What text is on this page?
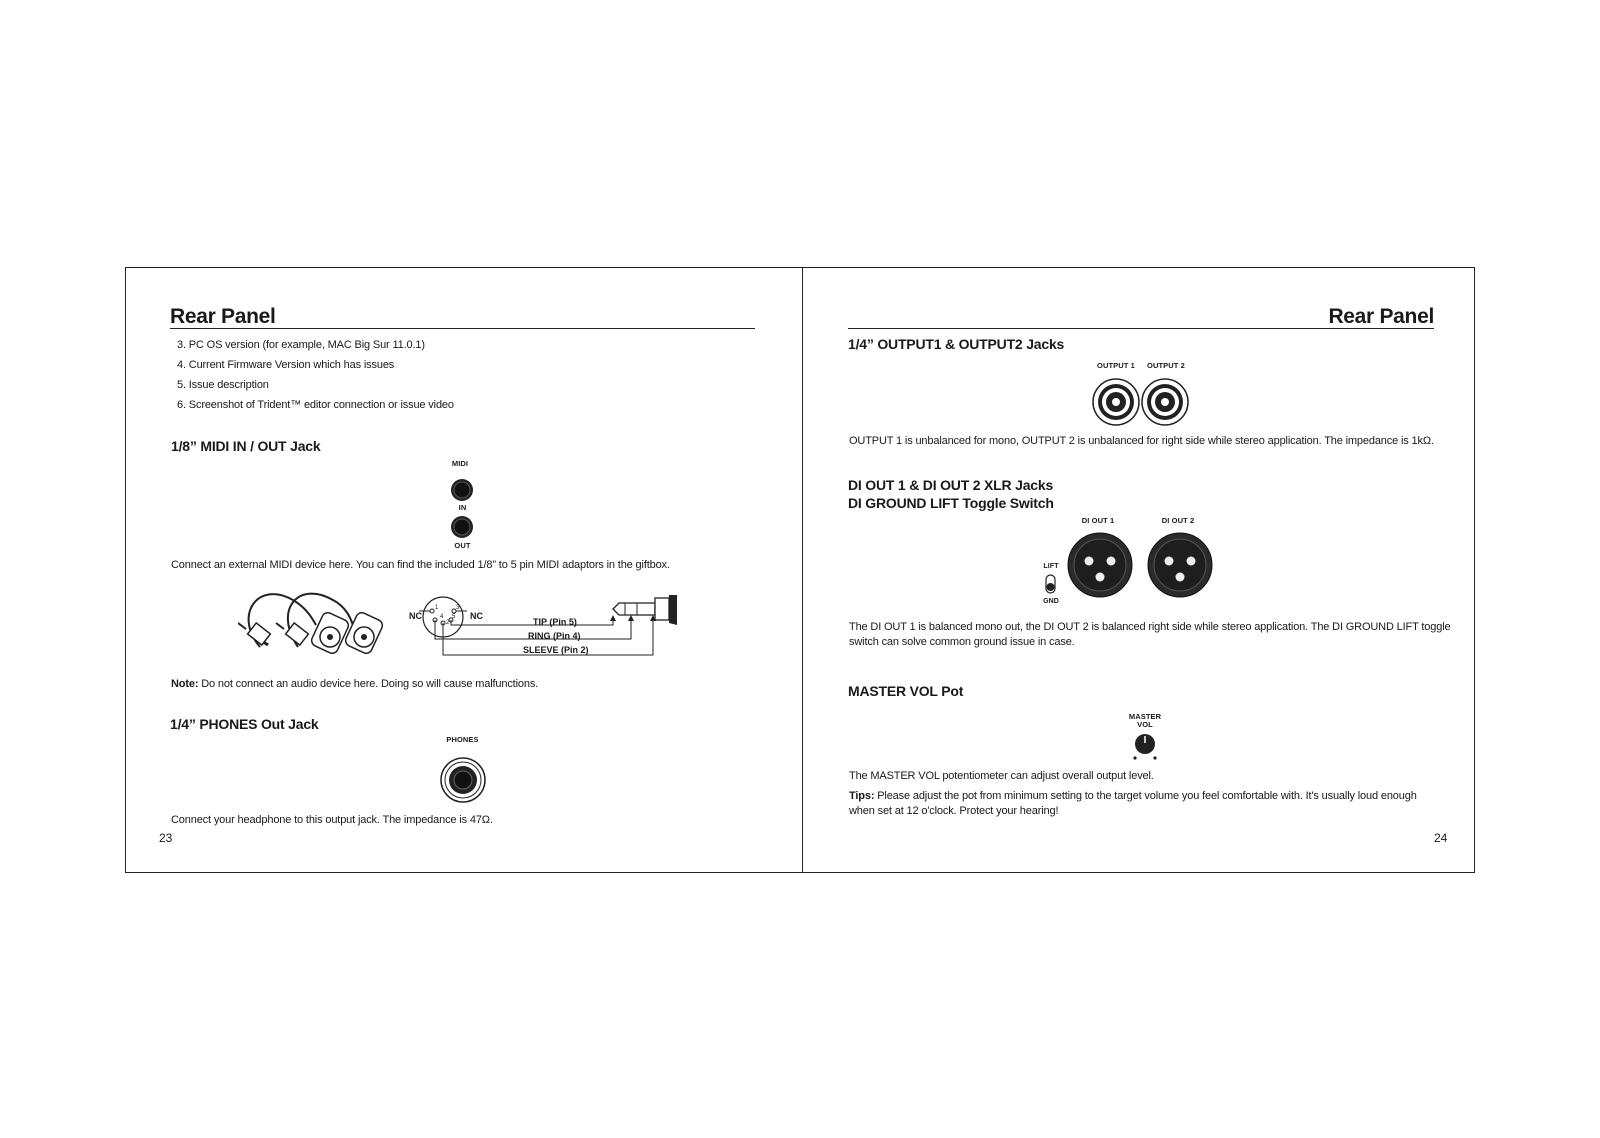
Rear Panel
3. PC OS version (for example, MAC Big Sur 11.0.1)
4. Current Firmware Version which has issues
5. Issue description
6. Screenshot of Trident™ editor connection or issue video
1/8” MIDI IN / OUT Jack
MIDI
IN
OUT
Connect an external MIDI device here. You can find the included 1/8” to 5 pin MIDI adaptors in the giftbox.
NC	NC
1	3
4
2
5	TIP (Pin 5)
RING (Pin 4)
SLEEVE (Pin 2)
Note: Do not connect an audio device here. Doing so will cause malfunctions.
1/4” PHONES Out Jack
PHONES
Connect your headphone to this output jack. The impedance is 47Ω.
23
Rear Panel
1/4” OUTPUT1 & OUTPUT2 Jacks
OUTPUT 1	OUTPUT 2
OUTPUT 1 is unbalanced for mono, OUTPUT 2 is unbalanced for right side while stereo application. The impedance is 1kΩ.
DI OUT 1 & DI OUT 2 XLR Jacks
DI GROUND LIFT Toggle Switch
DI OUT 1	DI OUT 2
LIFT
GND
The DI OUT 1 is balanced mono out, the DI OUT 2 is balanced right side while stereo application. The DI GROUND LIFT toggle
switch can solve common ground issue in case.
MASTER VOL Pot
MASTER
VOL
The MASTER VOL potentiometer can adjust overall output level.
Tips: Please adjust the pot from minimum setting to the target volume you feel comfortable with. It's usually loud enough
when set at 12 o'clock. Protect your hearing!
24
